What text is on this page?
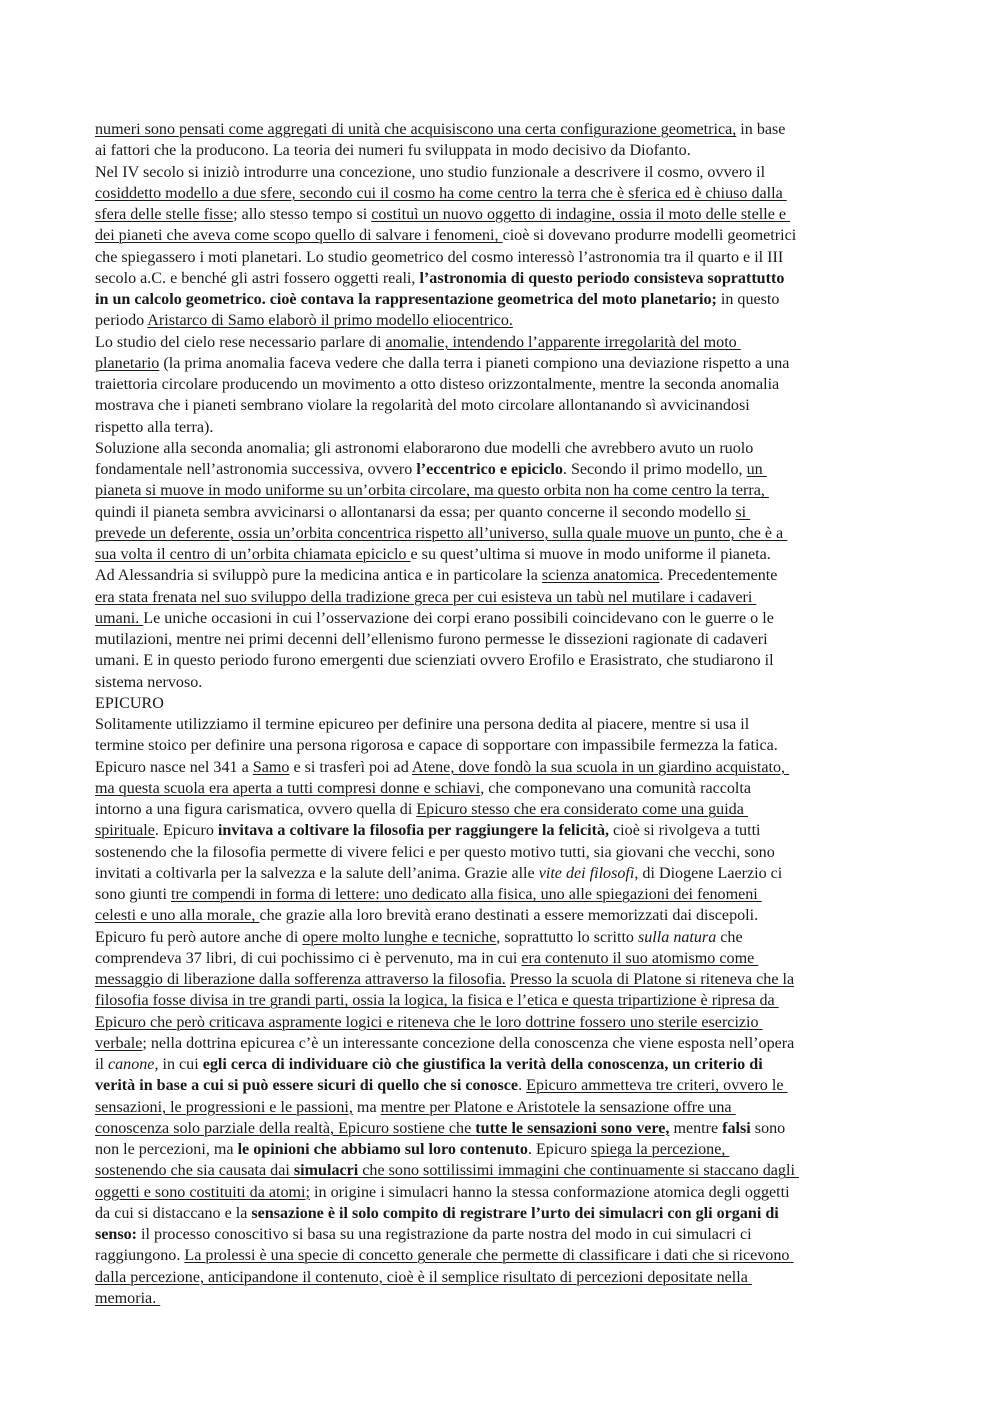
numeri sono pensati come aggregati di unità che acquisiscono una certa configurazione geometrica, in base
ai fattori che la producono. La teoria dei numeri fu sviluppata in modo decisivo da Diofanto.
Nel IV secolo si iniziò introdurre una concezione, uno studio funzionale a descrivere il cosmo, ovvero il
cosiddetto modello a due sfere, secondo cui il cosmo ha come centro la terra che è sferica ed è chiuso dalla
sfera delle stelle fisse; allo stesso tempo si costituì un nuovo oggetto di indagine, ossia il moto delle stelle e
dei pianeti che aveva come scopo quello di salvare i fenomeni, cioè si dovevano produrre modelli geometrici
che spiegassero i moti planetari. Lo studio geometrico del cosmo interessò l’astronomia tra il quarto e il III
secolo a.C. e benché gli astri fossero oggetti reali, l’astronomia di questo periodo consisteva soprattutto
in un calcolo geometrico. cioè contava la rappresentazione geometrica del moto planetario; in questo
periodo Aristarco di Samo elaborò il primo modello eliocentrico.
Lo studio del cielo rese necessario parlare di anomalie, intendendo l’apparente irregolarità del moto
planetario (la prima anomalia faceva vedere che dalla terra i pianeti compiono una deviazione rispetto a una
traiettoria circolare producendo un movimento a otto disteso orizzontalmente, mentre la seconda anomalia
mostrava che i pianeti sembrano violare la regolarità del moto circolare allontanando sì avvicinandosi
rispetto alla terra).
Soluzione alla seconda anomalia; gli astronomi elaborarono due modelli che avrebbero avuto un ruolo
fondamentale nell’astronomia successiva, ovvero l’eccentrico e epiciclo. Secondo il primo modello, un
pianeta si muove in modo uniforme su un’orbita circolare, ma questo orbita non ha come centro la terra,
quindi il pianeta sembra avvicinarsi o allontanarsi da essa; per quanto concerne il secondo modello si
prevede un deferente, ossia un’orbita concentrica rispetto all’universo, sulla quale muove un punto, che è a
sua volta il centro di un’orbita chiamata epiciclo e su quest’ultima si muove in modo uniforme il pianeta.
Ad Alessandria si sviluppò pure la medicina antica e in particolare la scienza anatomica. Precedentemente
era stata frenata nel suo sviluppo della tradizione greca per cui esisteva un tabù nel mutilare i cadaveri
umani. Le uniche occasioni in cui l’osservazione dei corpi erano possibili coincidevano con le guerre o le
mutilazioni, mentre nei primi decenni dell’ellenismo furono permesse le dissezioni ragionate di cadaveri
umani. E in questo periodo furono emergenti due scienziati ovvero Erofilo e Erasistrato, che studiarono il
sistema nervoso.
EPICURO
Solitamente utilizziamo il termine epicureo per definire una persona dedita al piacere, mentre si usa il
termine stoico per definire una persona rigorosa e capace di sopportare con impassibile fermezza la fatica.
Epicuro nasce nel 341 a Samo e si trasferì poi ad Atene, dove fondò la sua scuola in un giardino acquistato,
ma questa scuola era aperta a tutti compresi donne e schiavi, che componevano una comunità raccolta
intorno a una figura carismatica, ovvero quella di Epicuro stesso che era considerato come una guida
spirituale. Epicuro invitava a coltivare la filosofia per raggiungere la felicità, cioè si rivolgeva a tutti
sostenendo che la filosofia permette di vivere felici e per questo motivo tutti, sia giovani che vecchi, sono
invitati a coltivarla per la salvezza e la salute dell’anima. Grazie alle vite dei filosofi, di Diogene Laerzio ci
sono giunti tre compendi in forma di lettere: uno dedicato alla fisica, uno alle spiegazioni dei fenomeni
celesti e uno alla morale, che grazie alla loro brevità erano destinati a essere memorizzati dai discepoli.
Epicuro fu però autore anche di opere molto lunghe e tecniche, soprattutto lo scritto sulla natura che
comprendeva 37 libri, di cui pochissimo ci è pervenuto, ma in cui era contenuto il suo atomismo come
messaggio di liberazione dalla sofferenza attraverso la filosofia. Presso la scuola di Platone si riteneva che la
filosofia fosse divisa in tre grandi parti, ossia la logica, la fisica e l’etica e questa tripartizione è ripresa da
Epicuro che però criticava aspramente logici e riteneva che le loro dottrine fossero uno sterile esercizio
verbale; nella dottrina epicurea c’è un interessante concezione della conoscenza che viene esposta nell’opera
il canone, in cui egli cerca di individuare ciò che giustifica la verità della conoscenza, un criterio di
verità in base a cui si può essere sicuri di quello che si conosce. Epicuro ammetteva tre criteri, ovvero le
sensazioni, le progressioni e le passioni, ma mentre per Platone e Aristotele la sensazione offre una
conoscenza solo parziale della realtà, Epicuro sostiene che tutte le sensazioni sono vere, mentre falsi sono
non le percezioni, ma le opinioni che abbiamo sul loro contenuto. Epicuro spiega la percezione,
sostenendo che sia causata dai simulacri che sono sottilissimi immagini che continuamente si staccano dagli
oggetti e sono costituiti da atomi; in origine i simulacri hanno la stessa conformazione atomica degli oggetti
da cui si distaccano e la sensazione è il solo compito di registrare l’urto dei simulacri con gli organi di
senso: il processo conoscitivo si basa su una registrazione da parte nostra del modo in cui simulacri ci
raggiungono. La prolessi è una specie di concetto generale che permette di classificare i dati che si ricevono
dalla percezione, anticipandone il contenuto, cioè è il semplice risultato di percezioni depositate nella
memoria.
